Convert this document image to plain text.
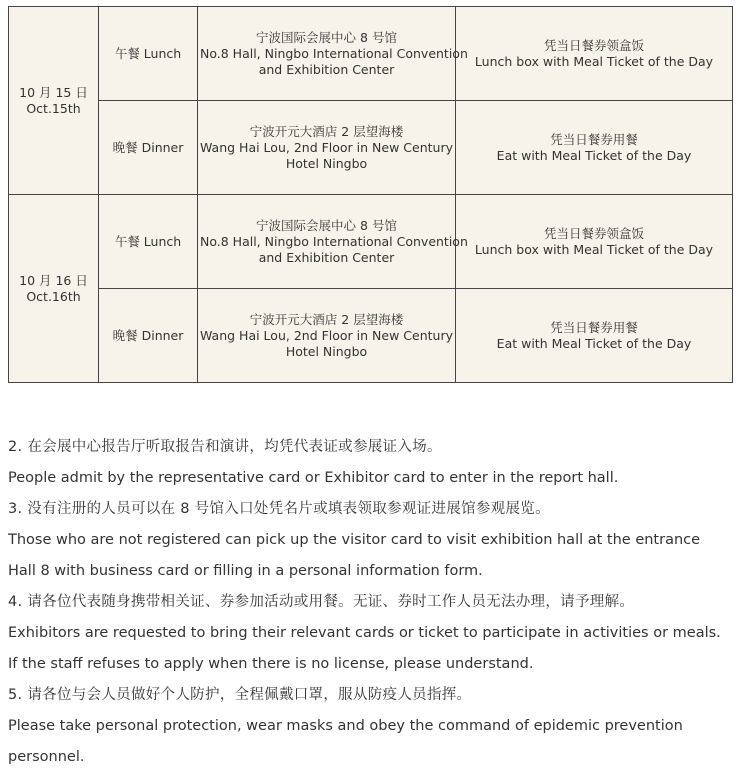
10 月 15 日
Oct.15th	午餐 Lunch	宁波国际会展中心 8 号馆
No.8 Hall, Ningbo International Convention
and Exhibition Center	凭当日餐券领盒饭
Lunch box with Meal Ticket of the Day

	晚餐 Dinner	宁波开元大酒店 2 层望海楼
Wang Hai Lou, 2nd Floor in New Century
Hotel Ningbo	凭当日餐券用餐
Eat with Meal Ticket of the Day

10 月 16 日
Oct.16th	午餐 Lunch	宁波国际会展中心 8 号馆
No.8 Hall, Ningbo International Convention
and Exhibition Center	凭当日餐券领盒饭
Lunch box with Meal Ticket of the Day

	晚餐 Dinner	宁波开元大酒店 2 层望海楼
Wang Hai Lou, 2nd Floor in New Century
Hotel Ningbo	凭当日餐券用餐
Eat with Meal Ticket of the Day
2. 在会展中心报告厅听取报告和演讲，均凭代表证或参展证入场。
People admit by the representative card or Exhibitor card to enter in the report hall.
3. 没有注册的人员可以在 8 号馆入口处凭名片或填表领取参观证进展馆参观展览。
Those who are not registered can pick up the visitor card to visit exhibition hall at the entrance
Hall 8 with business card or filling in a personal information form.
4. 请各位代表随身携带相关证、券参加活动或用餐。无证、券时工作人员无法办理，请予理解。
Exhibitors are requested to bring their relevant cards or ticket to participate in activities or meals.
If the staff refuses to apply when there is no license, please understand.
5. 请各位与会人员做好个人防护，全程佩戴口罩，服从防疫人员指挥。
Please take personal protection, wear masks and obey the command of epidemic prevention
personnel.
